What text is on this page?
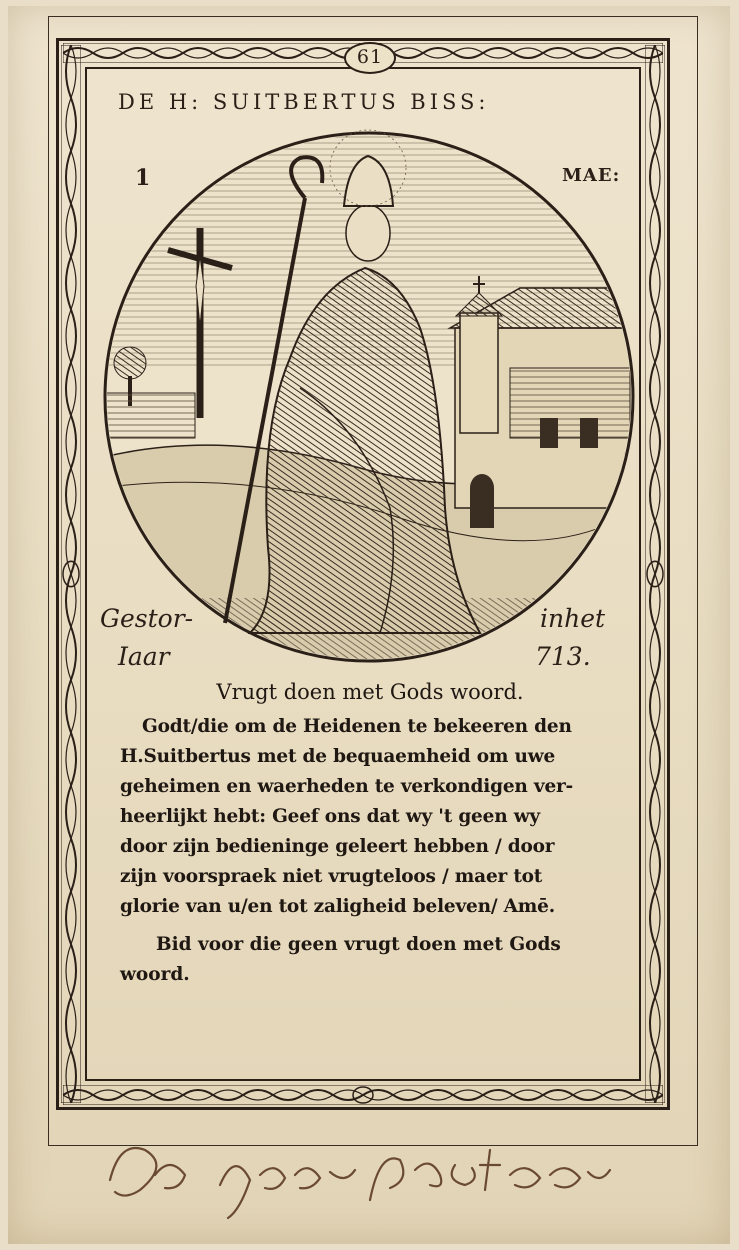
61
DE H: SUITBERTUS BISS:
1	MAE:
Gestor-	inhet
Iaar	713.
Vrugt doen met Gods woord.

Godt/die om de Heidenen te bekeeren den

H.Suitbertus met de bequaemheid om uwe

geheimen en waerheden te verkondigen ver-

heerlijkt hebt: Geef ons dat wy 't geen wy

door zijn bedieninge geleert hebben / door

zijn voorspraek niet vrugteloos / maer tot

glorie van u/en tot zaligheid beleven/ Amē.

Bid voor die geen vrugt doen met Gods

woord.
